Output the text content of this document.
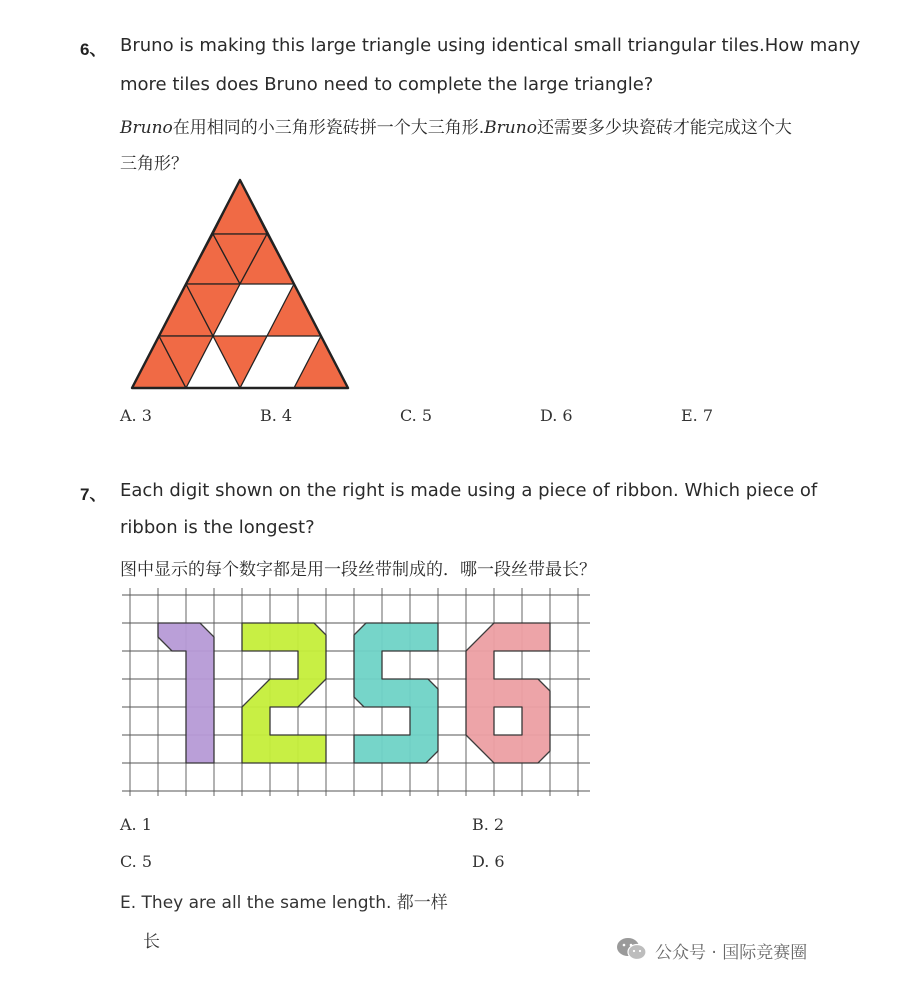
6、 Bruno is making this large triangle using identical small triangular tiles.How many
more tiles does Bruno need to complete the large triangle?
Bruno在用相同的小三角形瓷砖拼一个大三角形.Bruno还需要多少块瓷砖才能完成这个大
三角形？
A. 3	B. 4	C. 5	D. 6	E. 7
7、 Each digit shown on the right is made using a piece of ribbon. Which piece of
ribbon is the longest?
图中显示的每个数字都是用一段丝带制成的．哪一段丝带最长？
A. 1	B. 2
C. 5	D. 6
E. They are all the same length. 都一样
长
公众号 · 国际竞赛圈
